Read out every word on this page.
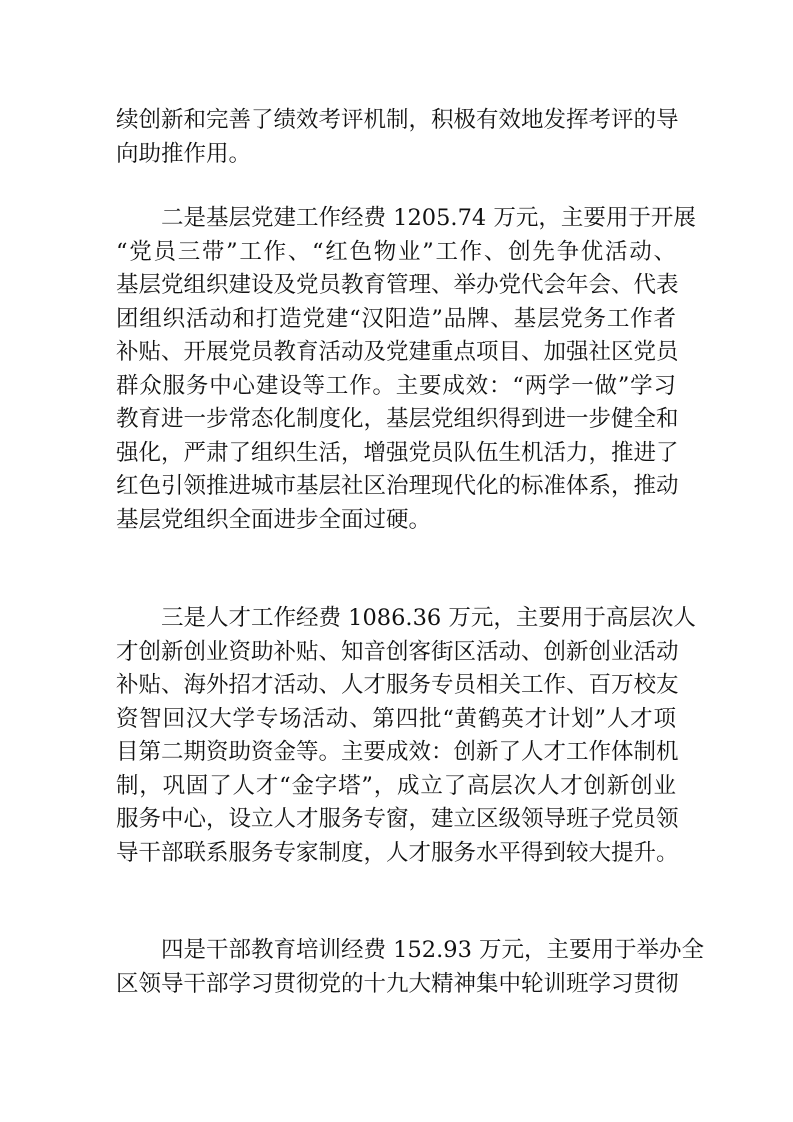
续创新和完善了绩效考评机制，积极有效地发挥考评的导
向助推作用。
二是基层党建工作经费 1205.74 万元，主要用于开展
“党员三带”工作、“红色物业”工作、创先争优活动、
基层党组织建设及党员教育管理、举办党代会年会、代表
团组织活动和打造党建“汉阳造”品牌、基层党务工作者
补贴、开展党员教育活动及党建重点项目、加强社区党员
群众服务中心建设等工作。主要成效：“两学一做”学习
教育进一步常态化制度化，基层党组织得到进一步健全和
强化，严肃了组织生活，增强党员队伍生机活力，推进了
红色引领推进城市基层社区治理现代化的标准体系，推动
基层党组织全面进步全面过硬。
三是人才工作经费 1086.36 万元，主要用于高层次人
才创新创业资助补贴、知音创客街区活动、创新创业活动
补贴、海外招才活动、人才服务专员相关工作、百万校友
资智回汉大学专场活动、第四批“黄鹤英才计划”人才项
目第二期资助资金等。主要成效：创新了人才工作体制机
制，巩固了人才“金字塔”，成立了高层次人才创新创业
服务中心，设立人才服务专窗，建立区级领导班子党员领
导干部联系服务专家制度，人才服务水平得到较大提升。
四是干部教育培训经费 152.93 万元，主要用于举办全
区领导干部学习贯彻党的十九大精神集中轮训班学习贯彻
